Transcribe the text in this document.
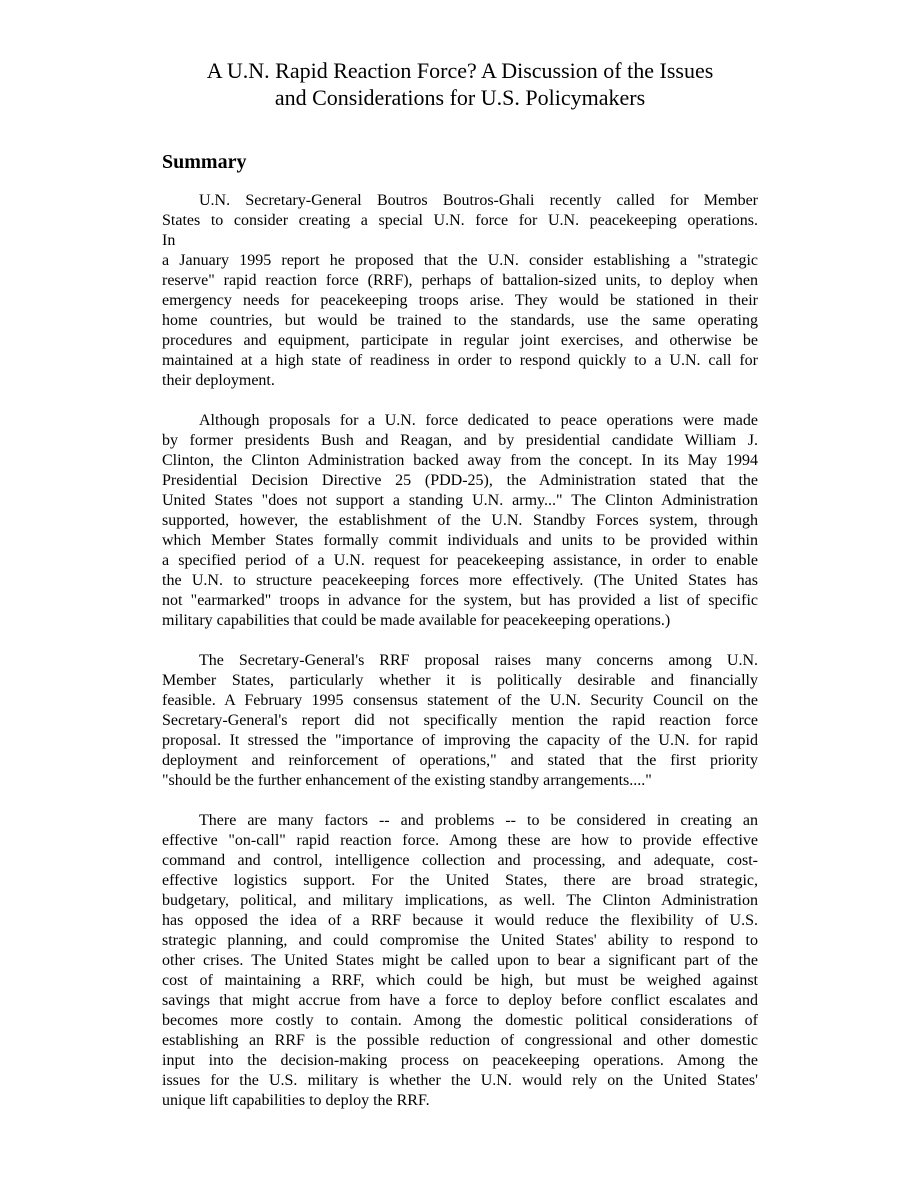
A U.N. Rapid Reaction Force? A Discussion of the Issues
and Considerations for U.S. Policymakers
Summary

U.N. Secretary-General Boutros Boutros-Ghali recently called for Member
States to consider creating a special U.N. force for U.N. peacekeeping operations.
In
a January 1995 report he proposed that the U.N. consider establishing a "strategic
reserve" rapid reaction force (RRF), perhaps of battalion-sized units, to deploy when
emergency needs for peacekeeping troops arise. They would be stationed in their
home countries, but would be trained to the standards, use the same operating
procedures and equipment, participate in regular joint exercises, and otherwise be
maintained at a high state of readiness in order to respond quickly to a U.N. call for
their deployment.

Although proposals for a U.N. force dedicated to peace operations were made
by former presidents Bush and Reagan, and by presidential candidate William J.
Clinton, the Clinton Administration backed away from the concept. In its May 1994
Presidential Decision Directive 25 (PDD-25), the Administration stated that the
United States "does not support a standing U.N. army..." The Clinton Administration
supported, however, the establishment of the U.N. Standby Forces system, through
which Member States formally commit individuals and units to be provided within
a specified period of a U.N. request for peacekeeping assistance, in order to enable
the U.N. to structure peacekeeping forces more effectively. (The United States has
not "earmarked" troops in advance for the system, but has provided a list of specific
military capabilities that could be made available for peacekeeping operations.)

The Secretary-General's RRF proposal raises many concerns among U.N.
Member States, particularly whether it is politically desirable and financially
feasible. A February 1995 consensus statement of the U.N. Security Council on the
Secretary-General's report did not specifically mention the rapid reaction force
proposal. It stressed the "importance of improving the capacity of the U.N. for rapid
deployment and reinforcement of operations," and stated that the first priority
"should be the further enhancement of the existing standby arrangements...."

There are many factors -- and problems -- to be considered in creating an
effective "on-call" rapid reaction force. Among these are how to provide effective
command and control, intelligence collection and processing, and adequate, cost-
effective logistics support. For the United States, there are broad strategic,
budgetary, political, and military implications, as well. The Clinton Administration
has opposed the idea of a RRF because it would reduce the flexibility of U.S.
strategic planning, and could compromise the United States' ability to respond to
other crises. The United States might be called upon to bear a significant part of the
cost of maintaining a RRF, which could be high, but must be weighed against
savings that might accrue from have a force to deploy before conflict escalates and
becomes more costly to contain. Among the domestic political considerations of
establishing an RRF is the possible reduction of congressional and other domestic
input into the decision-making process on peacekeeping operations. Among the
issues for the U.S. military is whether the U.N. would rely on the United States'
unique lift capabilities to deploy the RRF.
